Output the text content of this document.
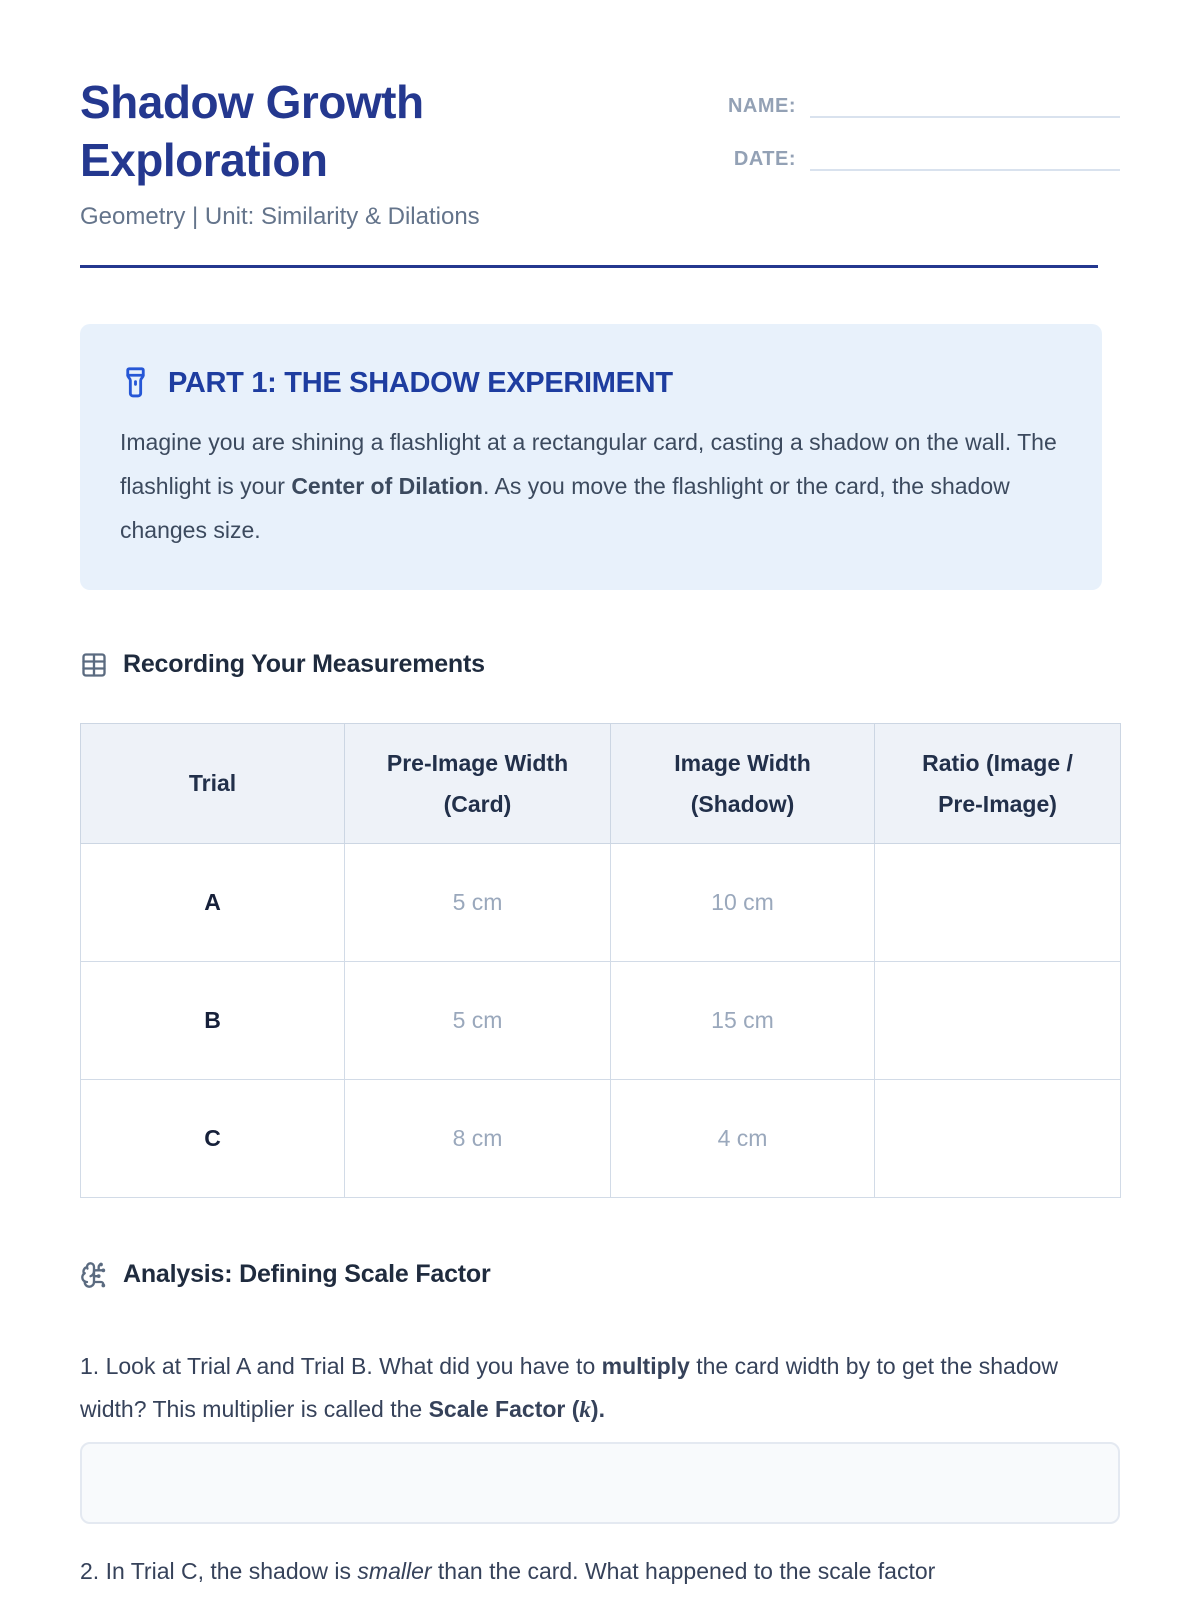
Shadow Growth Exploration
Geometry | Unit: Similarity & Dilations
NAME:
DATE:
PART 1: THE SHADOW EXPERIMENT

Imagine you are shining a flashlight at a rectangular card, casting a shadow on the wall. The flashlight is your Center of Dilation. As you move the flashlight or the card, the shadow changes size.

Recording Your Measurements
Trial	Pre-Image Width (Card)	Image Width (Shadow)	Ratio (Image / Pre-Image)
A	5 cm	10 cm	
B	5 cm	15 cm	
C	8 cm	4 cm	
Analysis: Defining Scale Factor

1. Look at Trial A and Trial B. What did you have to multiply the card width by to get the shadow width? This multiplier is called the Scale Factor (k).

2. In Trial C, the shadow is smaller than the card. What happened to the scale factor
